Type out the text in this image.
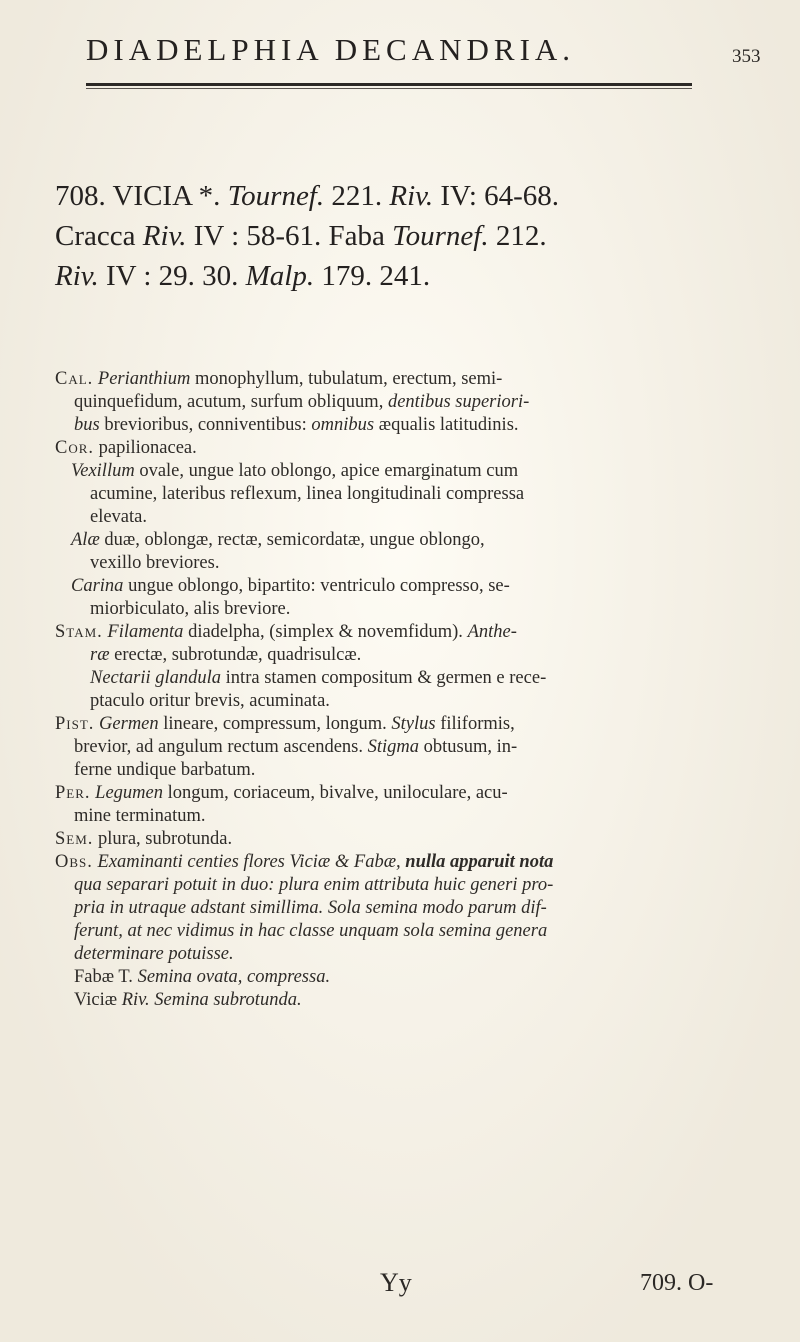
DIADELPHIA DECANDRIA.	353
708. VICIA *. Tournef. 221. Riv. IV: 64-68.
Cracca Riv. IV : 58-61. Faba Tournef. 212.
Riv. IV : 29. 30. Malp. 179. 241.
Cal. Perianthium monophyllum, tubulatum, erectum, semi-
quinquefidum, acutum, surfum obliquum, dentibus superiori-
bus brevioribus, conniventibus: omnibus æqualis latitudinis.
Cor. papilionacea.
Vexillum ovale, ungue lato oblongo, apice emarginatum cum
acumine, lateribus reflexum, linea longitudinali compressa
elevata.
Alæ duæ, oblongæ, rectæ, semicordatæ, ungue oblongo,
vexillo breviores.
Carina ungue oblongo, bipartito: ventriculo compresso, se-
miorbiculato, alis breviore.
Stam. Filamenta diadelpha, (simplex & novemfidum). Anthe-
ræ erectæ, subrotundæ, quadrisulcæ.
Nectarii glandula intra stamen compositum & germen e rece-
ptaculo oritur brevis, acuminata.
Pist. Germen lineare, compressum, longum. Stylus filiformis,
brevior, ad angulum rectum ascendens. Stigma obtusum, in-
ferne undique barbatum.
Per. Legumen longum, coriaceum, bivalve, uniloculare, acu-
mine terminatum.
Sem. plura, subrotunda.
Obs. Examinanti centies flores Viciæ & Fabæ, nulla apparuit nota
qua separari potuit in duo: plura enim attributa huic generi pro-
pria in utraque adstant simillima. Sola semina modo parum dif-
ferunt, at nec vidimus in hac classe unquam sola semina genera
determinare potuisse.
Fabæ T. Semina ovata, compressa.
Viciæ Riv. Semina subrotunda.
Yy	709. O-
